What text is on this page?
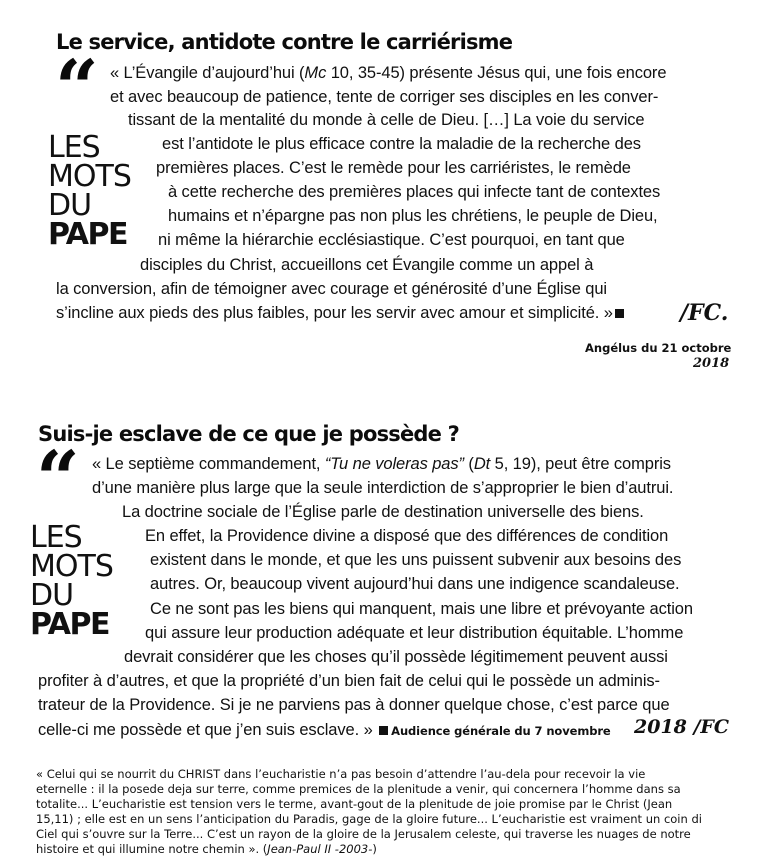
Le service, antidote contre le carriérisme
“
LES
MOTS
DU
PAPE
« L’Évangile d’aujourd’hui (Mc 10, 35-45) présente Jésus qui, une fois encore
et avec beaucoup de patience, tente de corriger ses disciples en les conver-
tissant de la mentalité du monde à celle de Dieu. […] La voie du service
est l’antidote le plus efficace contre la maladie de la recherche des
premières places. C’est le remède pour les carriéristes, le remède
à cette recherche des premières places qui infecte tant de contextes
humains et n’épargne pas non plus les chrétiens, le peuple de Dieu,
ni même la hiérarchie ecclésiastique. C’est pourquoi, en tant que
disciples du Christ, accueillons cet Évangile comme un appel à
la conversion, afin de témoigner avec courage et générosité d’une Église qui
s’incline aux pieds des plus faibles, pour les servir avec amour et simplicité. »	/FC.
Angélus du 21 octobre
2018
Suis-je esclave de ce que je possède ?
“
LES
MOTS
DU
PAPE
« Le septième commandement, “Tu ne voleras pas” (Dt 5, 19), peut être compris
d’une manière plus large que la seule interdiction de s’approprier le bien d’autrui.
La doctrine sociale de l’Église parle de destination universelle des biens.
En effet, la Providence divine a disposé que des différences de condition
existent dans le monde, et que les uns puissent subvenir aux besoins des
autres. Or, beaucoup vivent aujourd’hui dans une indigence scandaleuse.
Ce ne sont pas les biens qui manquent, mais une libre et prévoyante action
qui assure leur production adéquate et leur distribution équitable. L’homme
devrait considérer que les choses qu’il possède légitimement peuvent aussi
profiter à d’autres, et que la propriété d’un bien fait de celui qui le possède un adminis-
trateur de la Providence. Si je ne parviens pas à donner quelque chose, c’est parce que
celle-ci me possède et que j’en suis esclave. » Audience générale du 7 novembre 2018 /FC
« Celui qui se nourrit du CHRIST dans l’eucharistie n’a pas besoin d’attendre l’au-dela pour recevoir la vie
eternelle : il la posede deja sur terre, comme premices de la plenitude a venir, qui concernera l’homme dans sa
totalite... L’eucharistie est tension vers le terme, avant-gout de la plenitude de joie promise par le Christ (Jean
15,11) ; elle est en un sens l’anticipation du Paradis, gage de la gloire future... L’eucharistie est vraiment un coin di
Ciel qui s’ouvre sur la Terre... C’est un rayon de la gloire de la Jerusalem celeste, qui traverse les nuages de notre
histoire et qui illumine notre chemin ». (Jean-Paul II -2003-)
